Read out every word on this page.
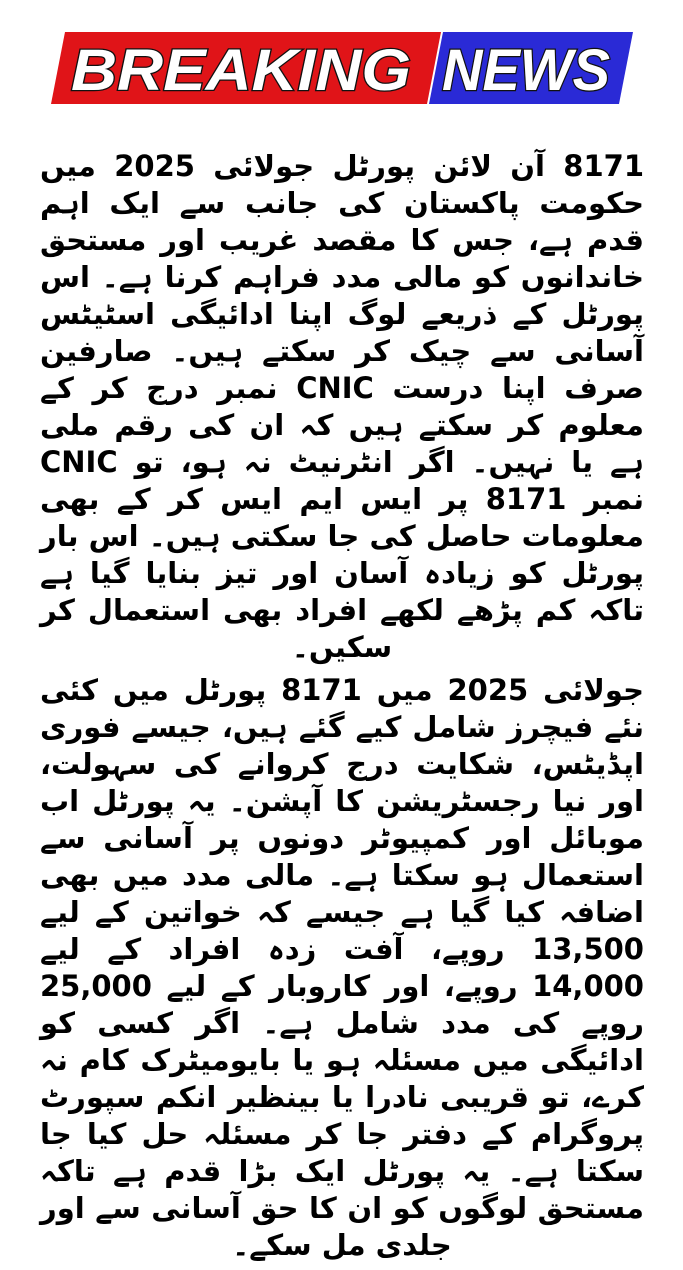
BREAKING NEWS

8171 آن لائن پورٹل جولائی 2025 میں حکومت پاکستان کی جانب سے ایک اہم قدم ہے، جس کا مقصد غریب اور مستحق خاندانوں کو مالی مدد فراہم کرنا ہے۔ اس پورٹل کے ذریعے لوگ اپنا ادائیگی اسٹیٹس آسانی سے چیک کر سکتے ہیں۔ صارفین صرف اپنا درست CNIC نمبر درج کر کے معلوم کر سکتے ہیں کہ ان کی رقم ملی ہے یا نہیں۔ اگر انٹرنیٹ نہ ہو، تو CNIC نمبر 8171 پر ایس ایم ایس کر کے بھی معلومات حاصل کی جا سکتی ہیں۔ اس بار پورٹل کو زیادہ آسان اور تیز بنایا گیا ہے تاکہ کم پڑھے لکھے افراد بھی استعمال کر سکیں۔

جولائی 2025 میں 8171 پورٹل میں کئی نئے فیچرز شامل کیے گئے ہیں، جیسے فوری اپڈیٹس، شکایت درج کروانے کی سہولت، اور نیا رجسٹریشن کا آپشن۔ یہ پورٹل اب موبائل اور کمپیوٹر دونوں پر آسانی سے استعمال ہو سکتا ہے۔ مالی مدد میں بھی اضافہ کیا گیا ہے جیسے کہ خواتین کے لیے 13,500 روپے، آفت زدہ افراد کے لیے 14,000 روپے، اور کاروبار کے لیے 25,000 روپے کی مدد شامل ہے۔ اگر کسی کو ادائیگی میں مسئلہ ہو یا بایومیٹرک کام نہ کرے، تو قریبی نادرا یا بینظیر انکم سپورٹ پروگرام کے دفتر جا کر مسئلہ حل کیا جا سکتا ہے۔ یہ پورٹل ایک بڑا قدم ہے تاکہ مستحق لوگوں کو ان کا حق آسانی سے اور جلدی مل سکے۔
